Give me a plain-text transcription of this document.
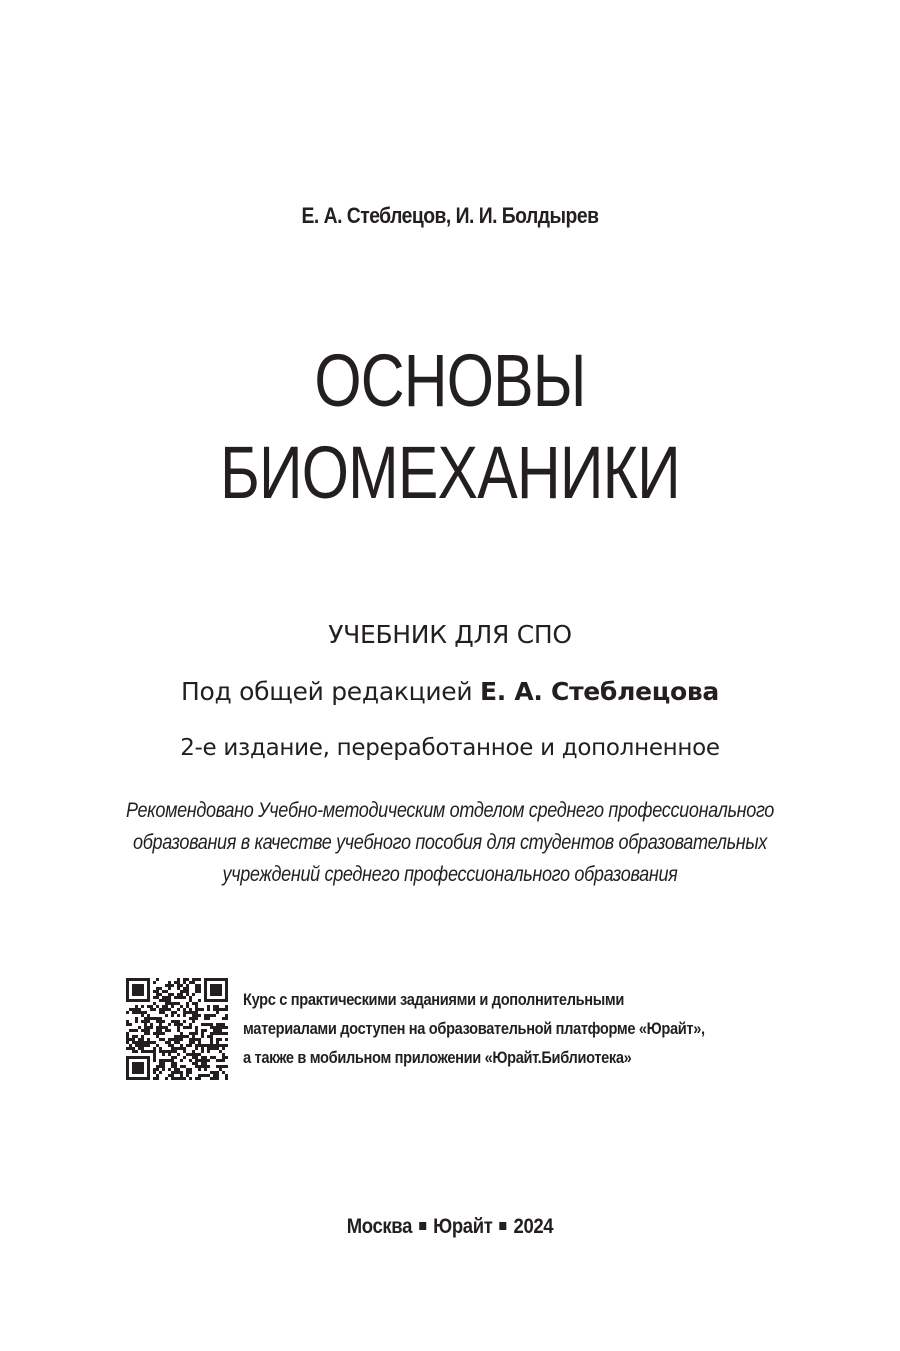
Е. А. Стеблецов, И. И. Болдырев
ОСНОВЫ
БИОМЕХАНИКИ
УЧЕБНИК ДЛЯ СПО
Под общей редакцией Е. А. Стеблецова
2-е издание, переработанное и дополненное
Рекомендовано Учебно-методическим отделом среднего профессионального
образования в качестве учебного пособия для студентов образовательных
учреждений среднего профессионального образования
Курс с практическими заданиями и дополнительными
материалами доступен на образовательной платформе «Юрайт»,
а также в мобильном приложении «Юрайт.Библиотека»
Москва Юрайт 2024
